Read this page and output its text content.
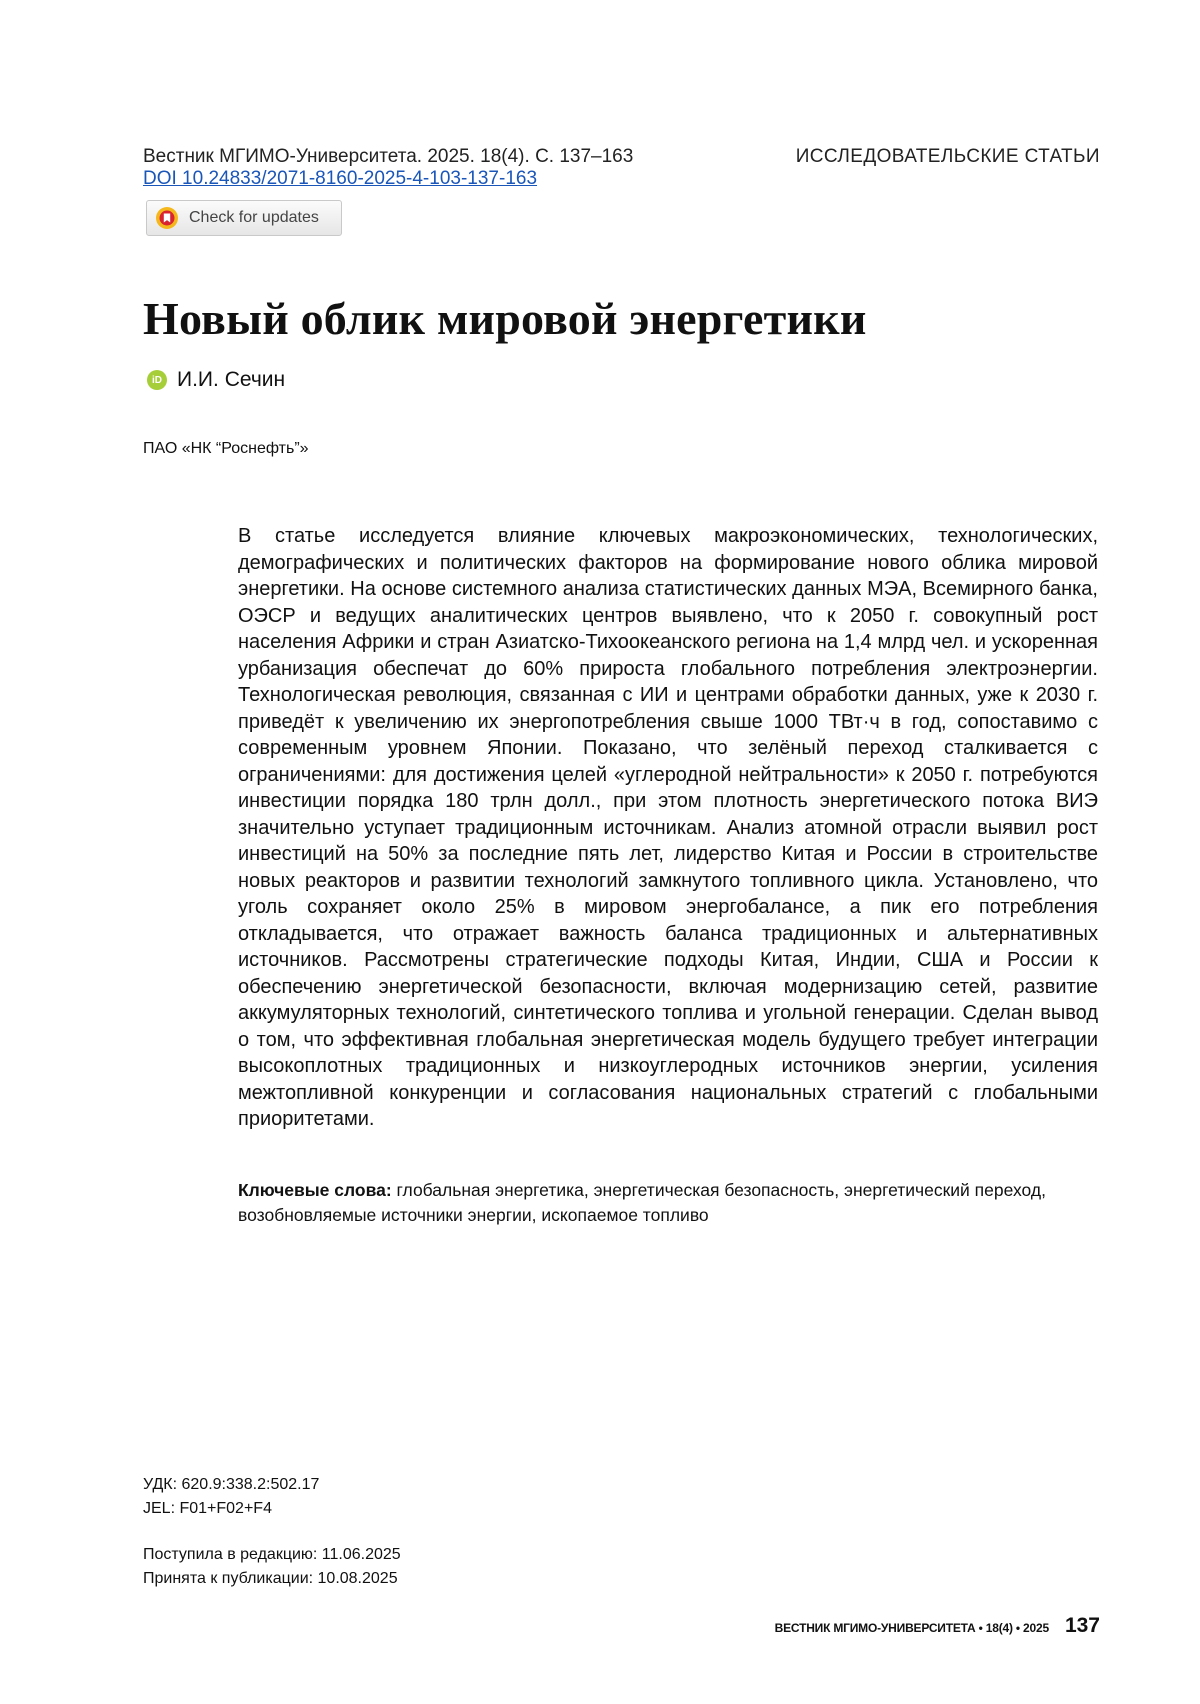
Вестник МГИМО-Университета. 2025. 18(4). С. 137–163
DOI 10.24833/2071-8160-2025-4-103-137-163
ИССЛЕДОВАТЕЛЬСКИЕ СТАТЬИ
Check for updates
Новый облик мировой энергетики
iD И.И. Сечин
ПАО «НК “Роснефть”»

В статье исследуется влияние ключевых макроэкономических, технологических, демографических и политических факторов на формирование нового облика мировой энергетики. На основе системного анализа статистических данных МЭА, Всемирного банка, ОЭСР и ведущих аналитических центров выявлено, что к 2050 г. совокупный рост населения Африки и стран Азиатско-Тихоокеанского региона на 1,4 млрд чел. и ускоренная урбанизация обеспечат до 60% прироста глобального потребления электроэнергии. Технологическая революция, связанная с ИИ и центрами обработки данных, уже к 2030 г. приведёт к увеличению их энергопотребления свыше 1000 ТВт·ч в год, сопоставимо с современным уровнем Японии. Показано, что зелёный переход сталкивается с ограничениями: для достижения целей «углеродной нейтральности» к 2050 г. потребуются инвестиции порядка 180 трлн долл., при этом плотность энергетического потока ВИЭ значительно уступает традиционным источникам. Анализ атомной отрасли выявил рост инвестиций на 50% за последние пять лет, лидерство Китая и России в строительстве новых реакторов и развитии технологий замкнутого топливного цикла. Установлено, что уголь сохраняет около 25% в мировом энергобалансе, а пик его потребления откладывается, что отражает важность баланса традиционных и альтернативных источников. Рассмотрены стратегические подходы Китая, Индии, США и России к обеспечению энергетической безопасности, включая модернизацию сетей, развитие аккумуляторных технологий, синтетического топлива и угольной генерации. Сделан вывод о том, что эффективная глобальная энергетическая модель будущего требует интеграции высокоплотных традиционных и низкоуглеродных источников энергии, усиления межтопливной конкуренции и согласования национальных стратегий с глобальными приоритетами.

Ключевые слова: глобальная энергетика, энергетическая безопасность, энергетический переход, возобновляемые источники энергии, ископаемое топливо

УДК: 620.9:338.2:502.17
JEL: F01+F02+F4
Поступила в редакцию: 11.06.2025
Принята к публикации: 10.08.2025
ВЕСТНИК МГИМО-УНИВЕРСИТЕТА • 18(4) • 2025 137
